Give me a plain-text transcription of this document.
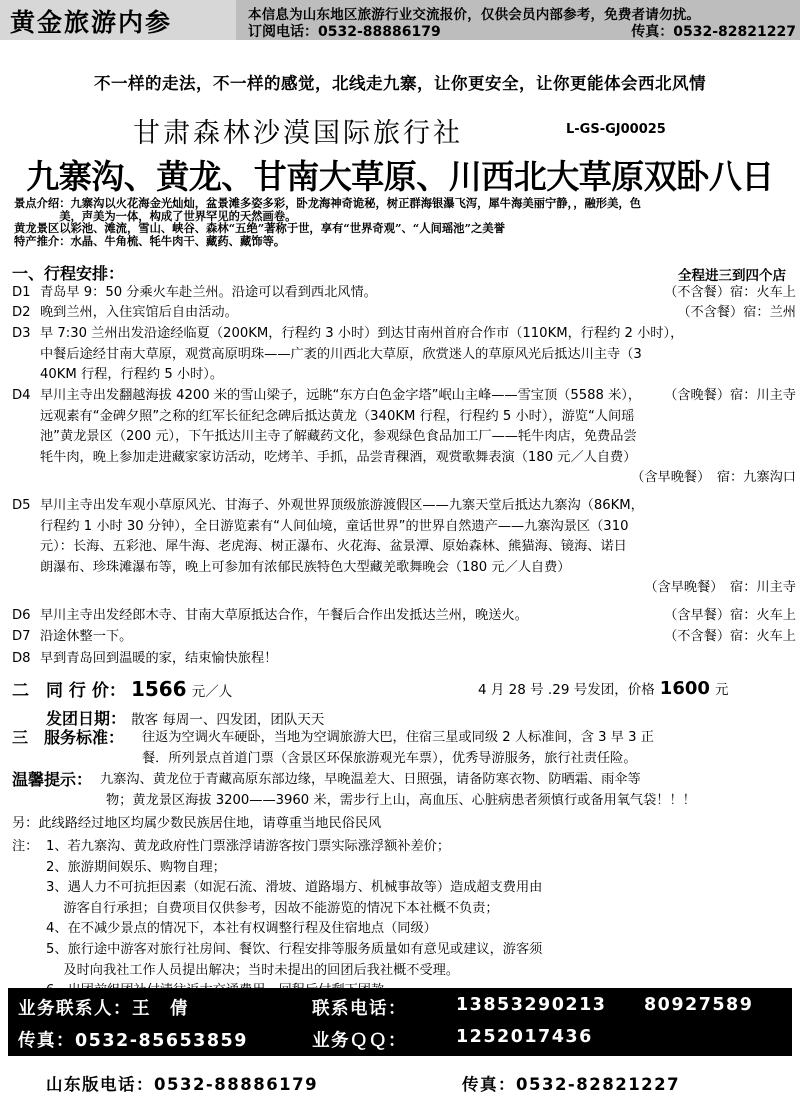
黄金旅游内参	本信息为山东地区旅游行业交流报价，仅供会员内部参考，免费者请勿扰。
订阅电话：0532-88886179	传真：0532-82821227
不一样的走法，不一样的感觉，北线走九寨，让你更安全，让你更能体会西北风情
甘肃森林沙漠国际旅行社	L-GS-GJ00025
九寨沟、黄龙、甘南大草原、川西北大草原双卧八日

景点介绍：九寨沟以火花海金光灿灿，盆景滩多姿多彩，卧龙海神奇诡秘，树正群海银瀑飞泻，犀牛海美丽宁静，，融形美，色

　　　　美，声美为一体，构成了世界罕见的天然画卷。

黄龙景区以彩池、滩流，雪山、峡谷、森林“五绝”著称于世，享有“世界奇观”、“人间瑶池”之美誉

特产推介：水晶、牛角梳、牦牛肉干、藏药、藏饰等。

一、行程安排：	全程进三到四个店
D1 青岛早 9：50 分乘火车赴兰州。沿途可以看到西北风情。	（不含餐）宿：火车上
D2 晚到兰州，入住宾馆后自由活动。	（不含餐）宿：兰州
D3 早 7:30 兰州出发沿途经临夏（200KM，行程约 3 小时）到达甘南州首府合作市（110KM，行程约 2 小时），
中餐后途经甘南大草原，观赏高原明珠——广袤的川西北大草原，欣赏迷人的草原风光后抵达川主寺（3
40KM 行程，行程约 5 小时）。
（含晚餐）宿：川主寺
D4 早川主寺出发翻越海拔 4200 米的雪山梁子，远眺“东方白色金字塔”岷山主峰——雪宝顶（5588 米），
远观素有“金碑夕照”之称的红军长征纪念碑后抵达黄龙（340KM 行程，行程约 5 小时），游览“人间瑶
池”黄龙景区（200 元），下午抵达川主寺了解藏药文化，参观绿色食品加工厂——牦牛肉店，免费品尝
牦牛肉，晚上参加走进藏家家访活动，吃烤羊、手抓，品尝青稞酒，观赏歌舞表演（180 元／人自费）
（含早晚餐）　宿：九寨沟口
D5 早川主寺出发车观小草原风光、甘海子、外观世界顶级旅游渡假区——九寨天堂后抵达九寨沟（86KM，
行程约 1 小时 30 分钟），全日游览素有“人间仙境，童话世界”的世界自然遗产——九寨沟景区（310
元）：长海、五彩池、犀牛海、老虎海、树正瀑布、火花海、盆景潭、原始森林、熊猫海、镜海、诺日
朗瀑布、珍珠滩瀑布等，晚上可参加有浓郁民族特色大型藏羌歌舞晚会（180 元／人自费）
（含早晚餐）　宿：川主寺
D6 早川主寺出发经郎木寺、甘南大草原抵达合作，午餐后合作出发抵达兰州，晚送火。	（含早餐）宿：火车上
D7 沿途休整一下。	（不含餐）宿：火车上
D8 早到青岛回到温暖的家，结束愉快旅程！
二　同 行 价： 1566 元／人	4 月 28 号 .29 号发团，价格 1600 元
发团日期： 散客 每周一、四发团，团队天天
三　服务标准： 往返为空调火车硬卧，当地为空调旅游大巴，住宿三星或同级 2 人标准间，含 3 早 3 正
餐．所列景点首道门票（含景区环保旅游观光车票），优秀导游服务，旅行社责任险。
温馨提示： 九寨沟、黄龙位于青藏高原东部边缘，早晚温差大、日照强，请备防寒衣物、防晒霜、雨伞等
物；黄龙景区海拔 3200——3960 米，需步行上山，高血压、心脏病患者须慎行或备用氧气袋！！！
另：此线路经过地区均属少数民族居住地，请尊重当地民俗民风
注： 1、若九寨沟、黄龙政府性门票涨浮请游客按门票实际涨浮额补差价；
2、旅游期间娱乐、购物自理；
3、遇人力不可抗拒因素（如泥石流、滑坡、道路塌方、机械事故等）造成超支费用由
　 游客自行承担；自费项目仅供参考，因故不能游览的情况下本社概不负责；
4、在不减少景点的情况下，本社有权调整行程及住宿地点（同级）
5、旅行途中游客对旅行社房间、餐饮、行程安排等服务质量如有意见或建议，游客须
　 及时向我社工作人员提出解决；当时未提出的回团后我社概不受理。
业务联系人：王　倩	联系电话：	13853290213 80927589
传真：0532-85653859	业务ＱＱ：	1252017436
山东版电话：0532-88886179	传真：0532-82821227
